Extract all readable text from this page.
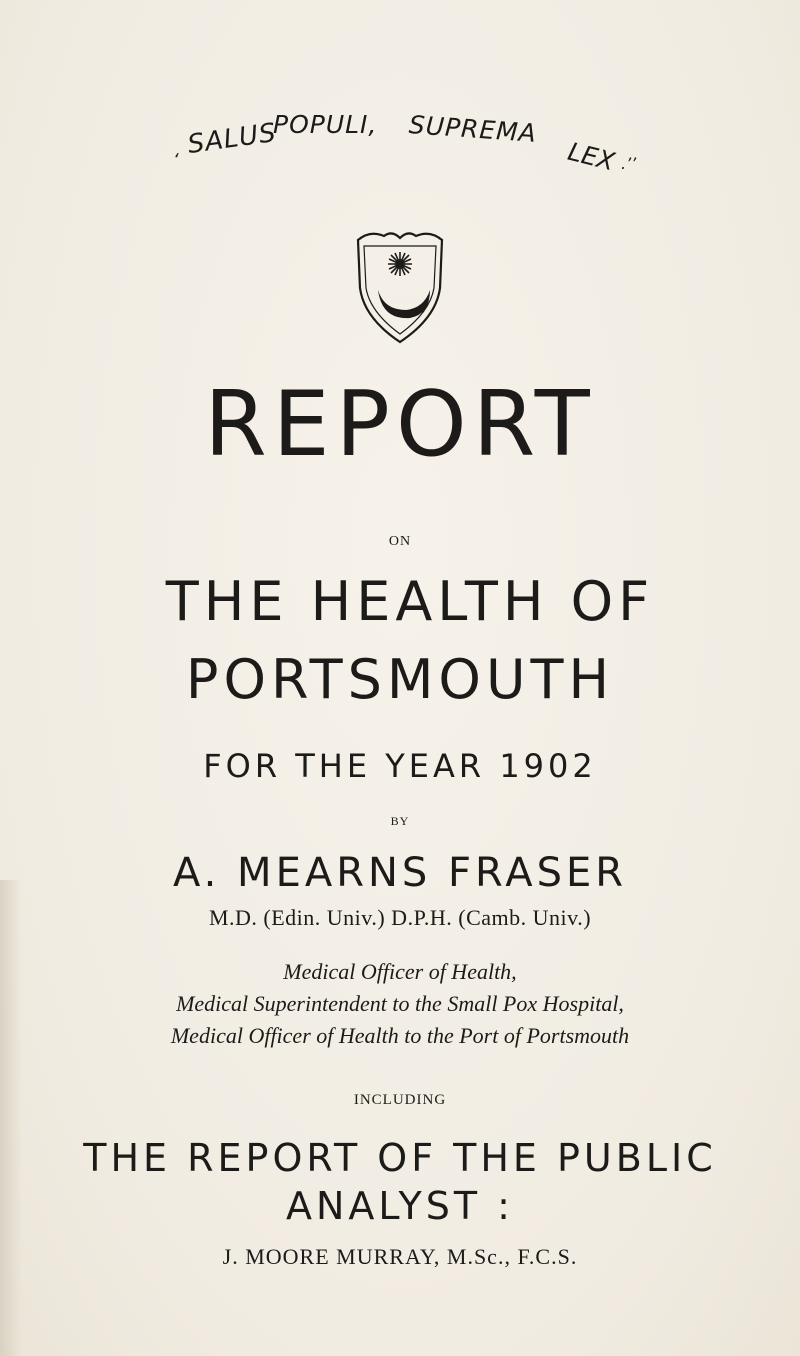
‘
SALUS
POPULI, SUPREMA
LEX .’’
REPORT
ON
THE HEALTH OF
PORTSMOUTH
FOR THE YEAR 1902
BY
A. MEARNS FRASER
M.D. (Edin. Univ.) D.P.H. (Camb. Univ.)
Medical Officer of Health,
Medical Superintendent to the Small Pox Hospital,
Medical Officer of Health to the Port of Portsmouth
INCLUDING
THE REPORT OF THE PUBLIC
ANALYST :
J. MOORE MURRAY, M.Sc., F.C.S.
